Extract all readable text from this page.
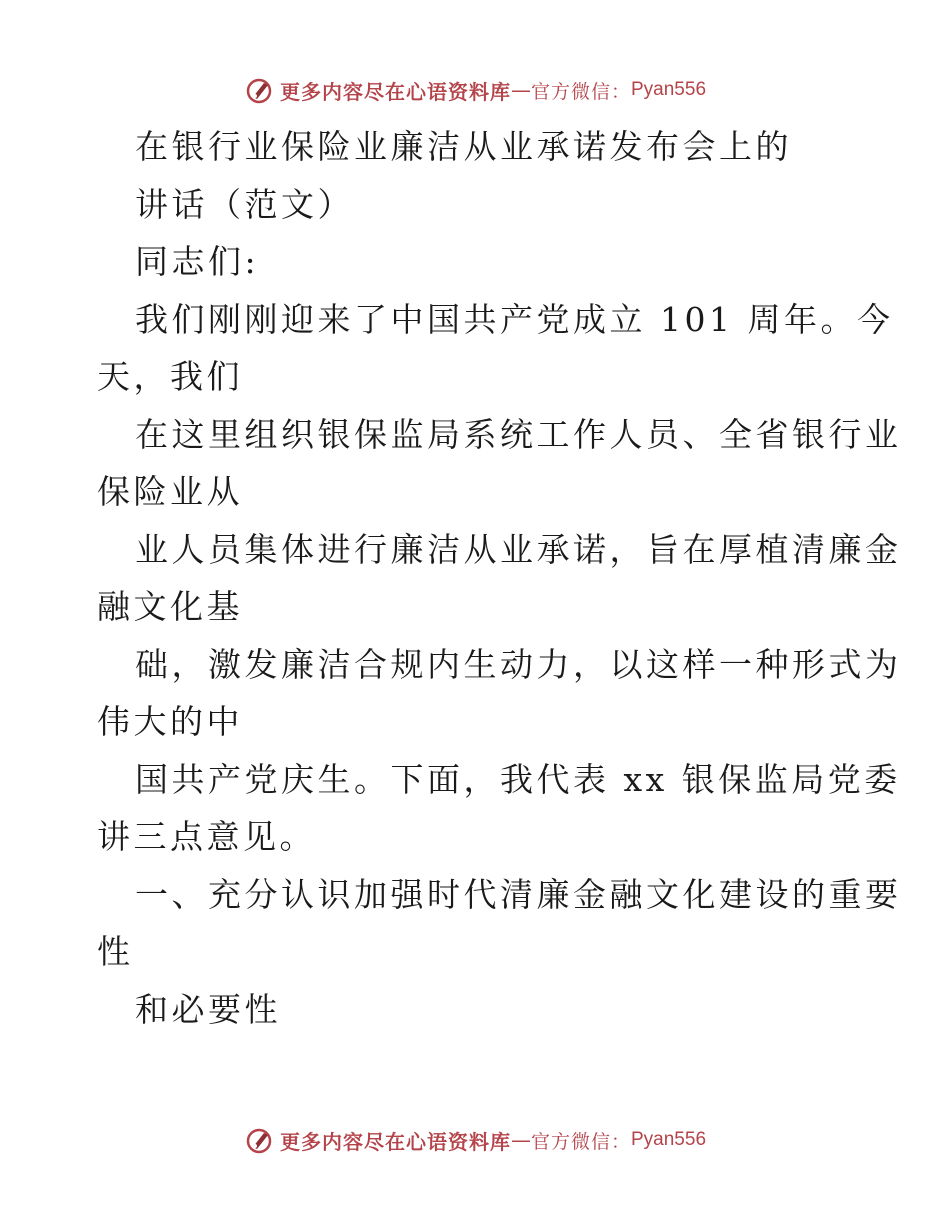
更多内容尽在心语资料库 — 官方微信： Pyan556
在银行业保险业廉洁从业承诺发布会上的
讲话（范文）
同志们:
我们刚刚迎来了中国共产党成立 101 周年。今
天，我们
在这里组织银保监局系统工作人员、全省银行业
保险业从
业人员集体进行廉洁从业承诺，旨在厚植清廉金
融文化基
础，激发廉洁合规内生动力，以这样一种形式为
伟大的中
国共产党庆生。下面，我代表 xx 银保监局党委
讲三点意见。
一、充分认识加强时代清廉金融文化建设的重要
性
和必要性
更多内容尽在心语资料库 — 官方微信： Pyan556
